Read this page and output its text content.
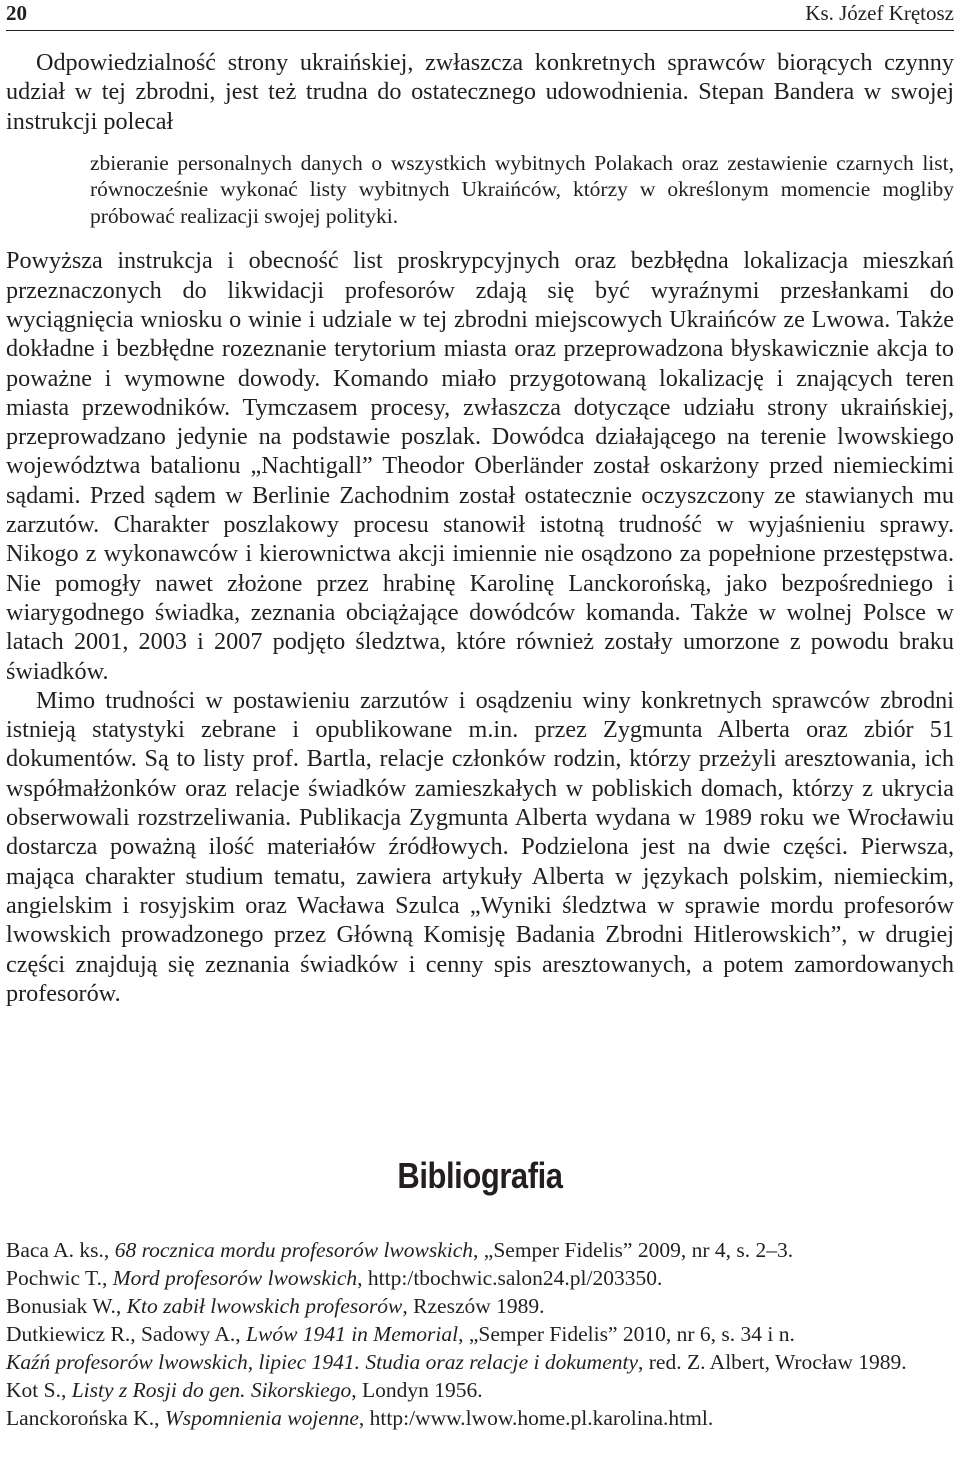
20	Ks. Józef Krętosz

Odpowiedzialność strony ukraińskiej, zwłaszcza konkretnych sprawców biorących czynny udział w tej zbrodni, jest też trudna do ostatecznego udowodnienia. Stepan Bandera w swojej instrukcji polecał

zbieranie personalnych danych o wszystkich wybitnych Polakach oraz zestawienie czarnych list, równocześnie wykonać listy wybitnych Ukraińców, którzy w określonym momencie mogliby próbować realizacji swojej polityki.

Powyższa instrukcja i obecność list proskrypcyjnych oraz bezbłędna lokalizacja mieszkań przeznaczonych do likwidacji profesorów zdają się być wyraźnymi przesłankami do wyciągnięcia wniosku o winie i udziale w tej zbrodni miejscowych Ukraińców ze Lwowa. Także dokładne i bezbłędne rozeznanie terytorium miasta oraz przeprowadzona błyskawicznie akcja to poważne i wymowne dowody. Komando miało przygotowaną lokalizację i znających teren miasta przewodników. Tymczasem procesy, zwłaszcza dotyczące udziału strony ukraińskiej, przeprowadzano jedynie na podstawie poszlak. Dowódca działającego na terenie lwowskiego województwa batalionu „Nachtigall” Theodor Oberländer został oskarżony przed niemieckimi sądami. Przed sądem w Berlinie Zachodnim został ostatecznie oczyszczony ze stawianych mu zarzutów. Charakter poszlakowy procesu stanowił istotną trudność w wyjaśnieniu sprawy. Nikogo z wykonawców i kierownictwa akcji imiennie nie osądzono za popełnione przestępstwa. Nie pomogły nawet złożone przez hrabinę Karolinę Lanckorońską, jako bezpośredniego i wiarygodnego świadka, zeznania obciążające dowódców komanda. Także w wolnej Polsce w latach 2001, 2003 i 2007 podjęto śledztwa, które również zostały umorzone z powodu braku świadków.

Mimo trudności w postawieniu zarzutów i osądzeniu winy konkretnych sprawców zbrodni istnieją statystyki zebrane i opublikowane m.in. przez Zygmunta Alberta oraz zbiór 51 dokumentów. Są to listy prof. Bartla, relacje członków rodzin, którzy przeżyli aresztowania, ich współmałżonków oraz relacje świadków zamieszkałych w pobliskich domach, którzy z ukrycia obserwowali rozstrzeliwania. Publikacja Zygmunta Alberta wydana w 1989 roku we Wrocławiu dostarcza poważną ilość materiałów źródłowych. Podzielona jest na dwie części. Pierwsza, mająca charakter studium tematu, zawiera artykuły Alberta w językach polskim, niemieckim, angielskim i rosyjskim oraz Wacława Szulca „Wyniki śledztwa w sprawie mordu profesorów lwowskich prowadzonego przez Główną Komisję Badania Zbrodni Hitlerowskich”, w drugiej części znajdują się zeznania świadków i cenny spis aresztowanych, a potem zamordowanych profesorów.

Bibliografia
Baca A. ks., 68 rocznica mordu profesorów lwowskich, „Semper Fidelis” 2009, nr 4, s. 2–3.
Pochwic T., Mord profesorów lwowskich, http:/tbochwic.salon24.pl/203350.
Bonusiak W., Kto zabił lwowskich profesorów, Rzeszów 1989.
Dutkiewicz R., Sadowy A., Lwów 1941 in Memorial, „Semper Fidelis” 2010, nr 6, s. 34 i n.
Kaźń profesorów lwowskich, lipiec 1941. Studia oraz relacje i dokumenty, red. Z. Albert, Wrocław 1989.
Kot S., Listy z Rosji do gen. Sikorskiego, Londyn 1956.
Lanckorońska K., Wspomnienia wojenne, http:/www.lwow.home.pl.karolina.html.
